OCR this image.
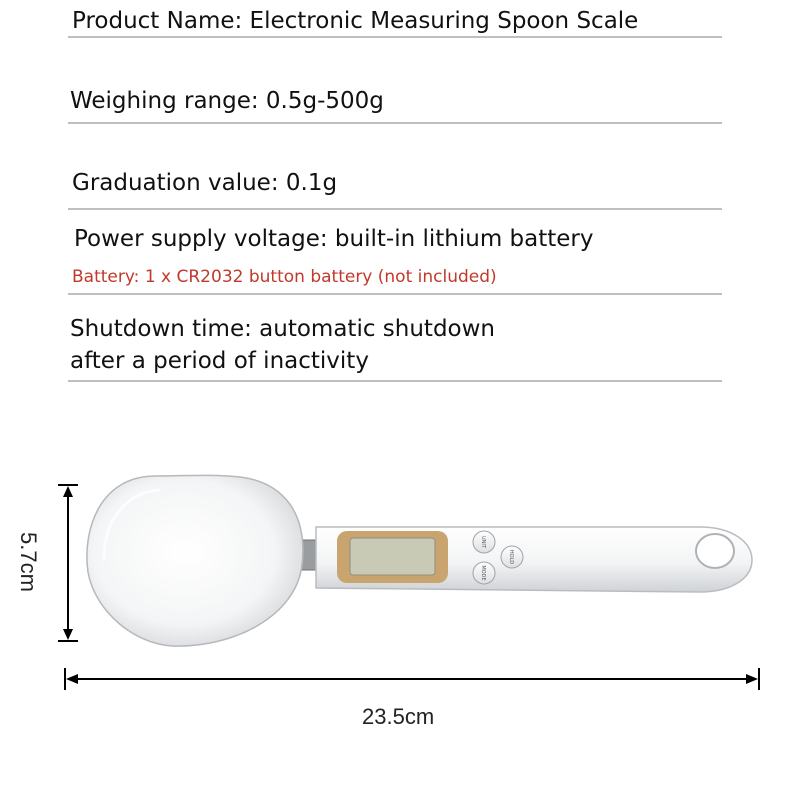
Product Name: Electronic Measuring Spoon Scale
Weighing range: 0.5g-500g
Graduation value: 0.1g
Power supply voltage: built-in lithium battery
Battery: 1 x CR2032 button battery (not included)
Shutdown time: automatic shutdown
after a period of inactivity
UNIT
HOLD
MODE
23.5cm
5.7cm
